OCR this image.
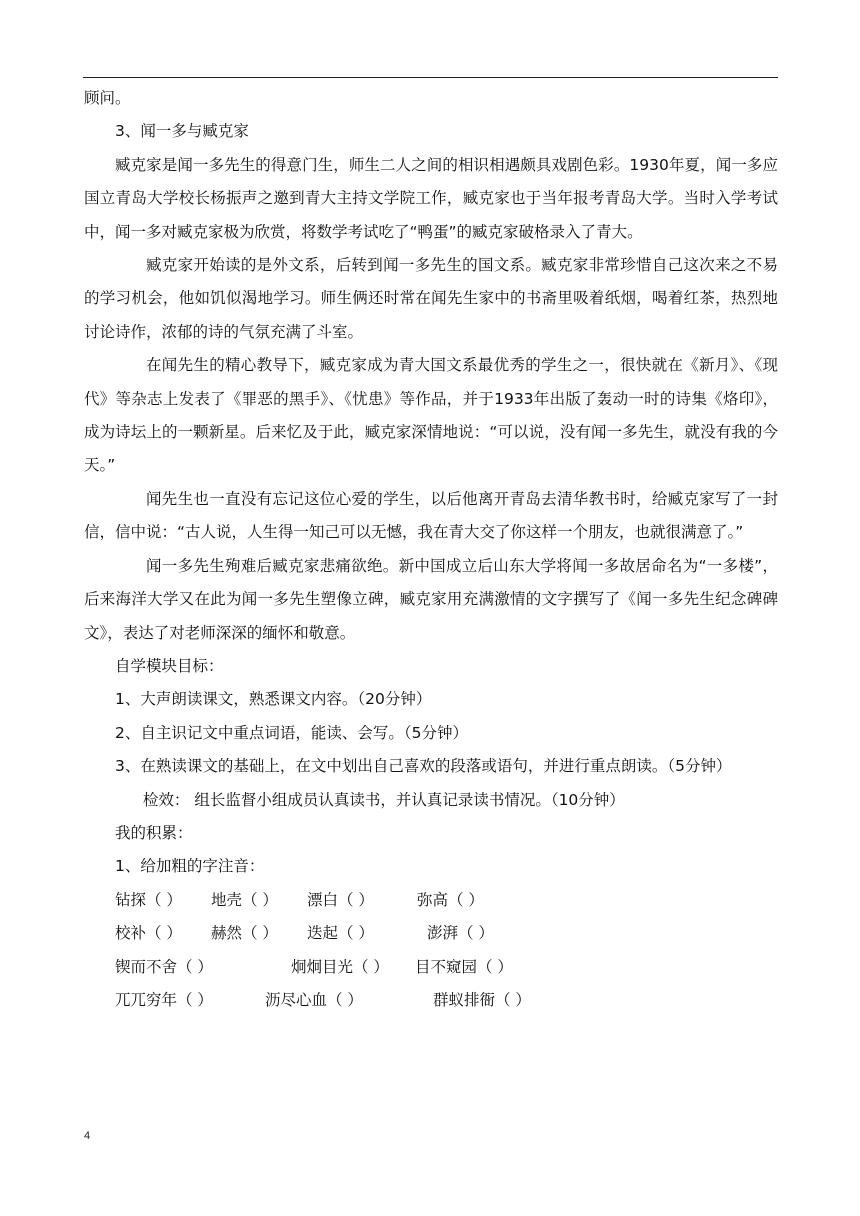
顾问。

3、闻一多与臧克家

臧克家是闻一多先生的得意门生，师生二人之间的相识相遇颇具戏剧色彩。1930年夏，闻一多应国立青岛大学校长杨振声之邀到青大主持文学院工作，臧克家也于当年报考青岛大学。当时入学考试中，闻一多对臧克家极为欣赏，将数学考试吃了“鸭蛋”的臧克家破格录入了青大。

臧克家开始读的是外文系，后转到闻一多先生的国文系。臧克家非常珍惜自己这次来之不易的学习机会，他如饥似渴地学习。师生俩还时常在闻先生家中的书斋里吸着纸烟，喝着红茶，热烈地讨论诗作，浓郁的诗的气氛充满了斗室。

在闻先生的精心教导下，臧克家成为青大国文系最优秀的学生之一，很快就在《新月》、《现代》等杂志上发表了《罪恶的黑手》、《忧患》等作品，并于1933年出版了轰动一时的诗集《烙印》，成为诗坛上的一颗新星。后来忆及于此，臧克家深情地说：“可以说，没有闻一多先生，就没有我的今天。”

闻先生也一直没有忘记这位心爱的学生，以后他离开青岛去清华教书时，给臧克家写了一封信，信中说：“古人说，人生得一知己可以无憾，我在青大交了你这样一个朋友，也就很满意了。”

闻一多先生殉难后臧克家悲痛欲绝。新中国成立后山东大学将闻一多故居命名为“一多楼”，后来海洋大学又在此为闻一多先生塑像立碑，臧克家用充满激情的文字撰写了《闻一多先生纪念碑碑文》，表达了对老师深深的缅怀和敬意。

自学模块目标：

1、大声朗读课文，熟悉课文内容。（20分钟）

2、自主识记文中重点词语，能读、会写。（5分钟）

3、在熟读课文的基础上，在文中划出自己喜欢的段落或语句，并进行重点朗读。（5分钟）

检效： 组长监督小组成员认真读书，并认真记录读书情况。（10分钟）

我的积累：

1、给加粗的字注音：

钻探（ ）	地壳（ ）	漂白（ ）	弥高（ ）
校补（ ）	赫然（ ）	迭起（ ）	澎湃（ ）
锲而不舍（ ）	炯炯目光（ ）	目不窥园（ ）
兀兀穷年（ ）	沥尽心血（ ）	群蚁排衙（ ）
4
